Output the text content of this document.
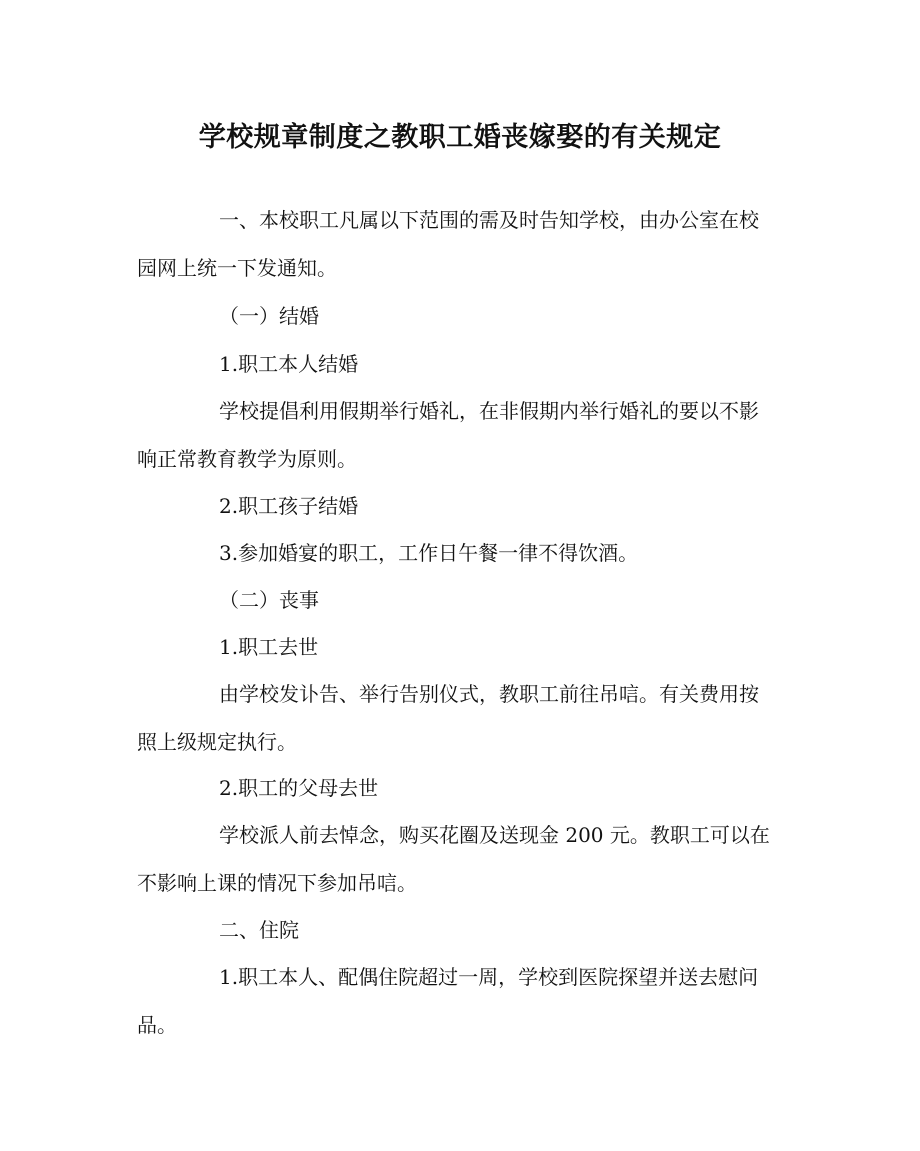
学校规章制度之教职工婚丧嫁娶的有关规定

一、本校职工凡属以下范围的需及时告知学校，由办公室在校
园网上统一下发通知。

（一）结婚

1.职工本人结婚

学校提倡利用假期举行婚礼，在非假期内举行婚礼的要以不影
响正常教育教学为原则。

2.职工孩子结婚

3.参加婚宴的职工，工作日午餐一律不得饮酒。

（二）丧事

1.职工去世

由学校发讣告、举行告别仪式，教职工前往吊唁。有关费用按
照上级规定执行。

2.职工的父母去世

学校派人前去悼念，购买花圈及送现金 200 元。教职工可以在
不影响上课的情况下参加吊唁。

二、住院

1.职工本人、配偶住院超过一周，学校到医院探望并送去慰问
品。
